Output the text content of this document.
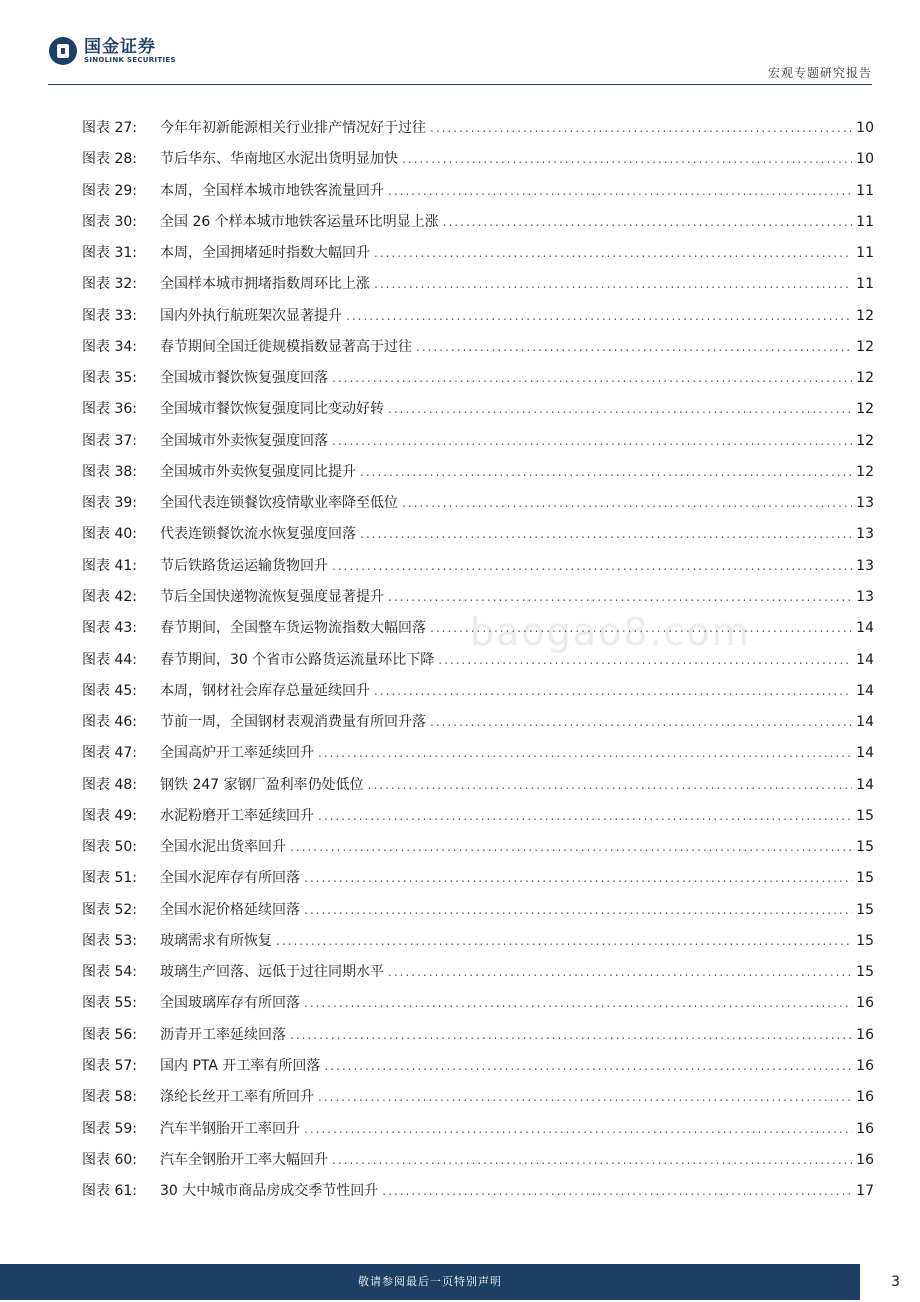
国金证券
SINOLINK SECURITIES
宏观专题研究报告
baogao8.com
图表 27:	今年年初新能源相关行业排产情况好于过往 .....	10
图表 28:	节后华东、华南地区水泥出货明显加快 .....	10
图表 29:	本周，全国样本城市地铁客流量回升 .....	11
图表 30:	全国 26 个样本城市地铁客运量环比明显上涨 .....	11
图表 31:	本周，全国拥堵延时指数大幅回升 .....	11
图表 32:	全国样本城市拥堵指数周环比上涨 .....	11
图表 33:	国内外执行航班架次显著提升 .....	12
图表 34:	春节期间全国迁徙规模指数显著高于过往 .....	12
图表 35:	全国城市餐饮恢复强度回落 .....	12
图表 36:	全国城市餐饮恢复强度同比变动好转 .....	12
图表 37:	全国城市外卖恢复强度回落 .....	12
图表 38:	全国城市外卖恢复强度同比提升 .....	12
图表 39:	全国代表连锁餐饮疫情歇业率降至低位 .....	13
图表 40:	代表连锁餐饮流水恢复强度回落 .....	13
图表 41:	节后铁路货运运输货物回升 .....	13
图表 42:	节后全国快递物流恢复强度显著提升 .....	13
图表 43:	春节期间，全国整车货运物流指数大幅回落 .....	14
图表 44:	春节期间，30 个省市公路货运流量环比下降 .....	14
图表 45:	本周，钢材社会库存总量延续回升 .....	14
图表 46:	节前一周，全国钢材表观消费量有所回升落 .....	14
图表 47:	全国高炉开工率延续回升 .....	14
图表 48:	钢铁 247 家钢厂盈利率仍处低位 .....	14
图表 49:	水泥粉磨开工率延续回升 .....	15
图表 50:	全国水泥出货率回升 .....	15
图表 51:	全国水泥库存有所回落 .....	15
图表 52:	全国水泥价格延续回落 .....	15
图表 53:	玻璃需求有所恢复 .....	15
图表 54:	玻璃生产回落、远低于过往同期水平 .....	15
图表 55:	全国玻璃库存有所回落 .....	16
图表 56:	沥青开工率延续回落 .....	16
图表 57:	国内 PTA 开工率有所回落 .....	16
图表 58:	涤纶长丝开工率有所回升 .....	16
图表 59:	汽车半钢胎开工率回升 .....	16
图表 60:	汽车全钢胎开工率大幅回升 .....	16
图表 61:	30 大中城市商品房成交季节性回升 .....	17
敬请参阅最后一页特别声明	3
